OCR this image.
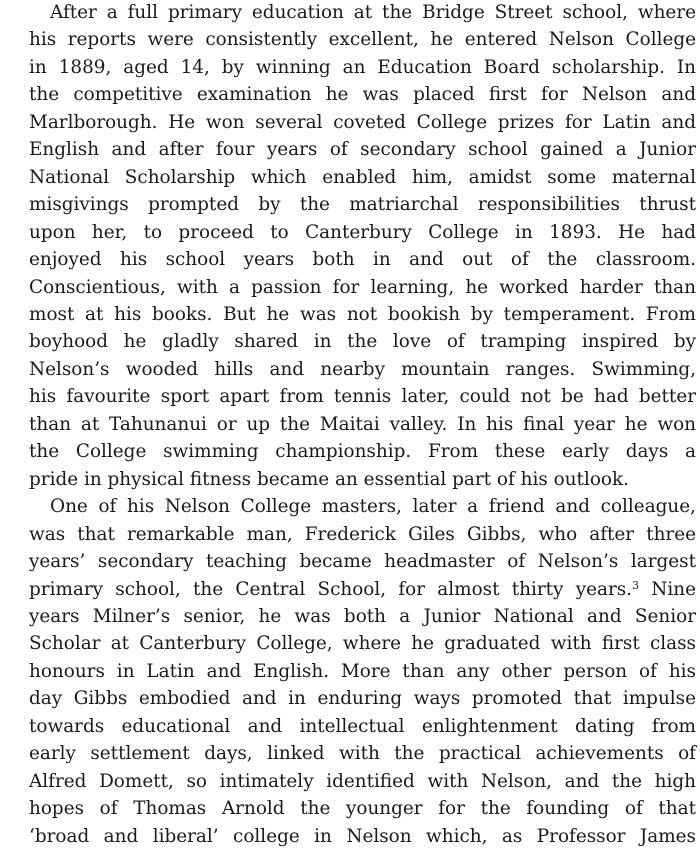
After a full primary education at the Bridge Street school, where
his reports were consistently excellent, he entered Nelson College
in 1889, aged 14, by winning an Education Board scholarship. In
the competitive examination he was placed first for Nelson and
Marlborough. He won several coveted College prizes for Latin and
English and after four years of secondary school gained a Junior
National Scholarship which enabled him, amidst some maternal
misgivings prompted by the matriarchal responsibilities thrust
upon her, to proceed to Canterbury College in 1893. He had
enjoyed his school years both in and out of the classroom.
Conscientious, with a passion for learning, he worked harder than
most at his books. But he was not bookish by temperament. From
boyhood he gladly shared in the love of tramping inspired by
Nelson’s wooded hills and nearby mountain ranges. Swimming,
his favourite sport apart from tennis later, could not be had better
than at Tahunanui or up the Maitai valley. In his final year he won
the College swimming championship. From these early days a
pride in physical fitness became an essential part of his outlook.
One of his Nelson College masters, later a friend and colleague,
was that remarkable man, Frederick Giles Gibbs, who after three
years’ secondary teaching became headmaster of Nelson’s largest
primary school, the Central School, for almost thirty years.$^3$ Nine
years Milner’s senior, he was both a Junior National and Senior
Scholar at Canterbury College, where he graduated with first class
honours in Latin and English. More than any other person of his
day Gibbs embodied and in enduring ways promoted that impulse
towards educational and intellectual enlightenment dating from
early settlement days, linked with the practical achievements of
Alfred Domett, so intimately identified with Nelson, and the high
hopes of Thomas Arnold the younger for the founding of that
‘broad and liberal’ college in Nelson which, as Professor James
